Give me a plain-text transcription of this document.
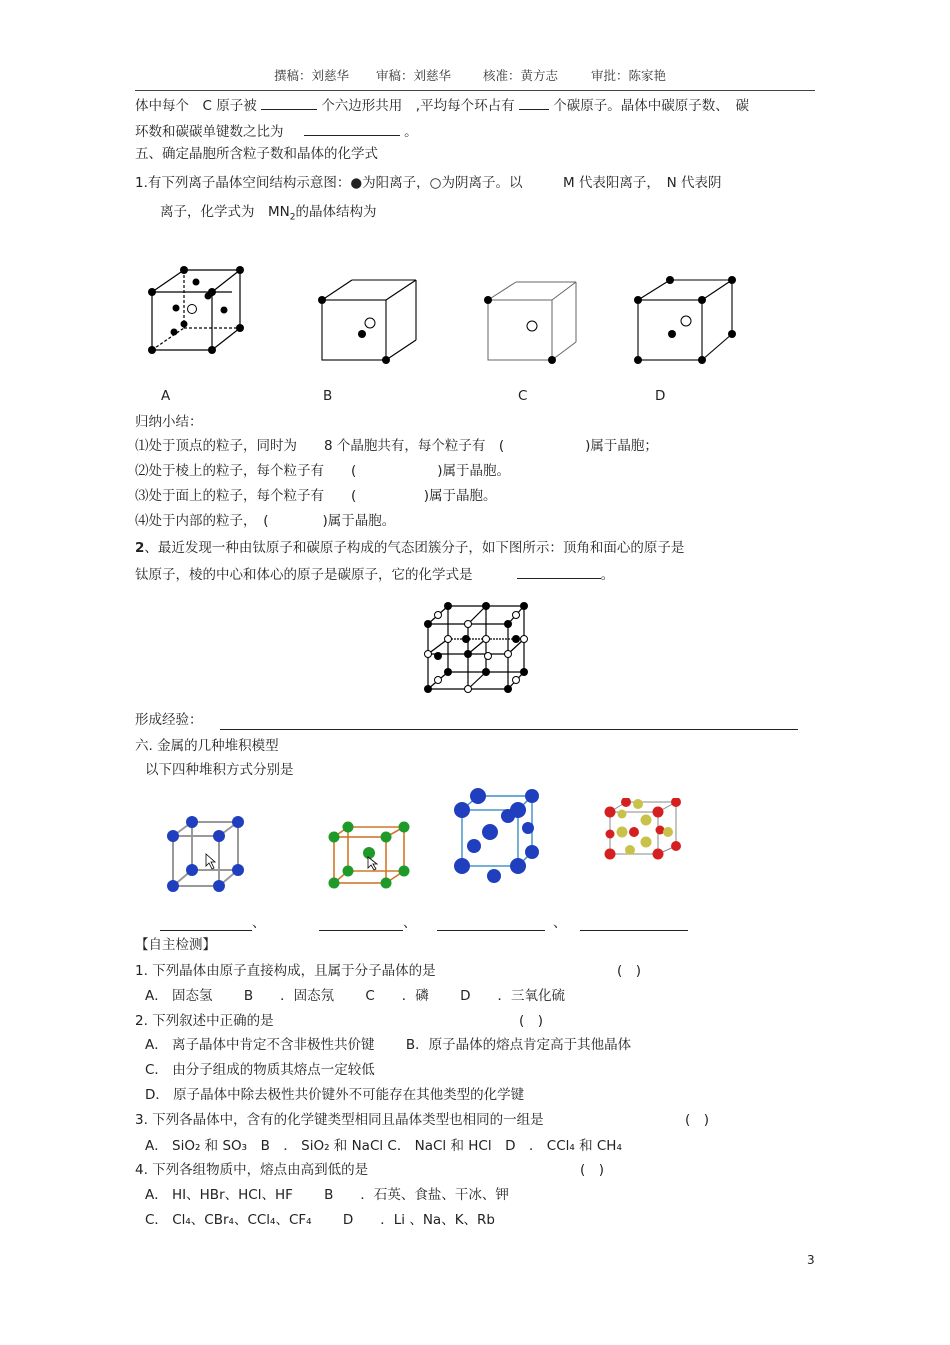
撰稿：刘慈华 审稿：刘慈华	核准：黄方志	审批：陈家艳
体中每个　C 原子被	个六边形共用　,平均每个环占有	个碳原子。晶体中碳原子数、　碳
环数和碳碳单键数之比为	。
五、确定晶胞所含粒子数和晶体的化学式
1.有下列离子晶体空间结构示意图：●为阳离子，○为阴离子。以　　　M 代表阳离子，　N 代表阴
离子，化学式为　$MN_2$的晶体结构为
A	B	C	D
归纳小结：
⑴处于顶点的粒子，同时为　　8 个晶胞共有，每个粒子有　(　　　　　　)属于晶胞；
⑵处于棱上的粒子，每个粒子有　　(　　　　　　)属于晶胞。
⑶处于面上的粒子，每个粒子有　　(　　　　　)属于晶胞。
⑷处于内部的粒子，　(　　　　)属于晶胞。
2、最近发现一种由钛原子和碳原子构成的气态团簇分子，如下图所示：顶角和面心的原子是
钛原子，棱的中心和体心的原子是碳原子，它的化学式是	。
形成经验：
六. 金属的几种堆积模型
以下四种堆积方式分别是
、	、	、
【自主检测】
1. 下列晶体由原子直接构成，且属于分子晶体的是	(　)
A． 固态氢　　 B　　．固态氖　　 C　　．磷　　 D　　．三氧化硫
2. 下列叙述中正确的是	(　)
A． 离子晶体中肯定不含非极性共价键　　 B．原子晶体的熔点肯定高于其他晶体
C． 由分子组成的物质其熔点一定较低
D． 原子晶体中除去极性共价键外不可能存在其他类型的化学键
3. 下列各晶体中，含有的化学键类型相同且晶体类型也相同的一组是	(　)
A． SiO₂ 和 SO₃　B　． SiO₂ 和 NaCl C． NaCl 和 HCl　D　． CCl₄ 和 CH₄
4. 下列各组物质中，熔点由高到低的是	(　)
A． HI、HBr、HCl、HF　　 B　　．石英、食盐、干冰、钾
C． Cl₄、CBr₄、CCl₄、CF₄　　 D　　．Li 、Na、K、Rb
3
